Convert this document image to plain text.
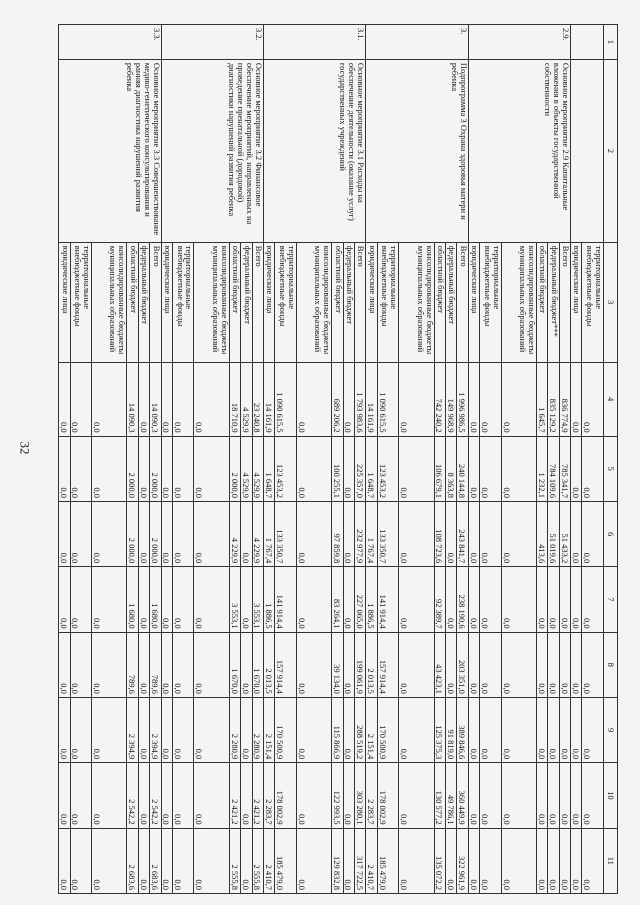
32
1	2	3	4	5	6	7	8	9	10	11
		территориальные внебюджетные фонды	0,0	0,0	0,0	0,0	0,0	0,0	0,0	0,0
		юридические лица	0,0	0,0	0,0	0,0	0,0	0,0	0,0	0,0
2.9.	Основное мероприятие 2.9 Капитальные вложения в объекты государственной собственности	Всего	836 774,9	785 341,7	51 433,2	0,0	0,0	0,0	0,0	0,0
		федеральный бюджет***	835 129,2	784 109,6	51 019,6	0,0	0,0	0,0	0,0	0,0
		областной бюджет	1 645,7	1 232,1	413,6	0,0	0,0	0,0	0,0	0,0
		консолидированные бюджеты муниципальных образований	0,0	0,0	0,0	0,0	0,0	0,0	0,0	0,0
		территориальные внебюджетные фонды	0,0	0,0	0,0	0,0	0,0	0,0	0,0	0,0
		юридические лица	0,0	0,0	0,0	0,0	0,0	0,0	0,0	0,0
3.	Подпрограмма 3 Охрана здоровья матери и ребенка	Всего	1 996 986,5	240 144,8	243 841,7	238 190,6	203 351,0	389 846,6	360 449,9	322 961,9
		федеральный бюджет	149 968,9	8 363,8	0,0	0,0	0,0	91 819,0	49 786,1	0,0
		областной бюджет	742 240,2	106 679,1	108 723,6	92 389,7	43 423,1	125 375,3	130 577,2	135 072,2
		консолидированные бюджеты муниципальных образований	0,0	0,0	0,0	0,0	0,0	0,0	0,0	0,0
		территориальные внебюджетные фонды	1 090 615,5	123 453,2	133 350,7	141 914,4	157 914,4	170 500,9	178 002,9	185 479,0
		юридические лица	14 161,9	1 648,7	1 767,4	1 886,5	2 013,5	2 151,4	2 283,7	2 410,7
3.1.	Основное мероприятие 3.1 Расходы на обеспечение деятельности (оказание услуг) государственных учреждений	Всего	1 793 983,6	225 357,0	232 977,9	227 065,0	199 061,9	288 519,2	303 280,1	317 722,5
		федеральный бюджет	0,0	0,0	0,0	0,0	0,0	0,0	0,0	0,0
		областной бюджет	689 206,2	100 255,1	97 859,8	83 264,1	39 134,0	115 866,9	122 993,5	129 832,8
		консолидированные бюджеты муниципальных образований	0,0	0,0	0,0	0,0	0,0	0,0	0,0	0,0
		территориальные внебюджетные фонды	1 090 615,5	123 453,2	133 350,7	141 914,4	157 914,4	170 500,9	178 002,9	185 479,0
		юридические лица	14 161,9	1 648,7	1 767,4	1 886,5	2 013,5	2 151,4	2 283,7	2 410,7
3.2.	Основное мероприятие 3.2 Финансовое обеспечение мероприятий, направленных на проведение пренатальной (дородовой) диагностики нарушений развития ребенка	Всего	23 240,8	4 529,9	4 229,9	3 553,1	1 670,0	2 280,9	2 421,2	2 555,8
		федеральный бюджет	4 529,9	4 529,9	0,0	0,0	0,0	0,0	0,0	0,0
		областной бюджет	18 710,9	2 000,0	4 229,9	3 553,1	1 670,0	2 280,9	2 421,2	2 555,8
		консолидированные бюджеты муниципальных образований	0,0	0,0	0,0	0,0	0,0	0,0	0,0	0,0
		территориальные внебюджетные фонды	0,0	0,0	0,0	0,0	0,0	0,0	0,0	0,0
		юридические лица	0,0	0,0	0,0	0,0	0,0	0,0	0,0	0,0
3.3.	Основное мероприятие 3.3 Совершенствование медико-генетического консультирования и ранняя диагностика нарушений развития ребенка	Всего	14 090,3	2 000,0	2 000,0	1 680,0	789,6	2 394,9	2 542,2	2 683,6
		федеральный бюджет	0,0	0,0	0,0	0,0	0,0	0,0	0,0	0,0
		областной бюджет	14 090,3	2 000,0	2 000,0	1 680,0	789,6	2 394,9	2 542,2	2 683,6
		консолидированные бюджеты муниципальных образований	0,0	0,0	0,0	0,0	0,0	0,0	0,0	0,0
		территориальные внебюджетные фонды	0,0	0,0	0,0	0,0	0,0	0,0	0,0	0,0
		юридические лица	0,0	0,0	0,0	0,0	0,0	0,0	0,0	0,0
